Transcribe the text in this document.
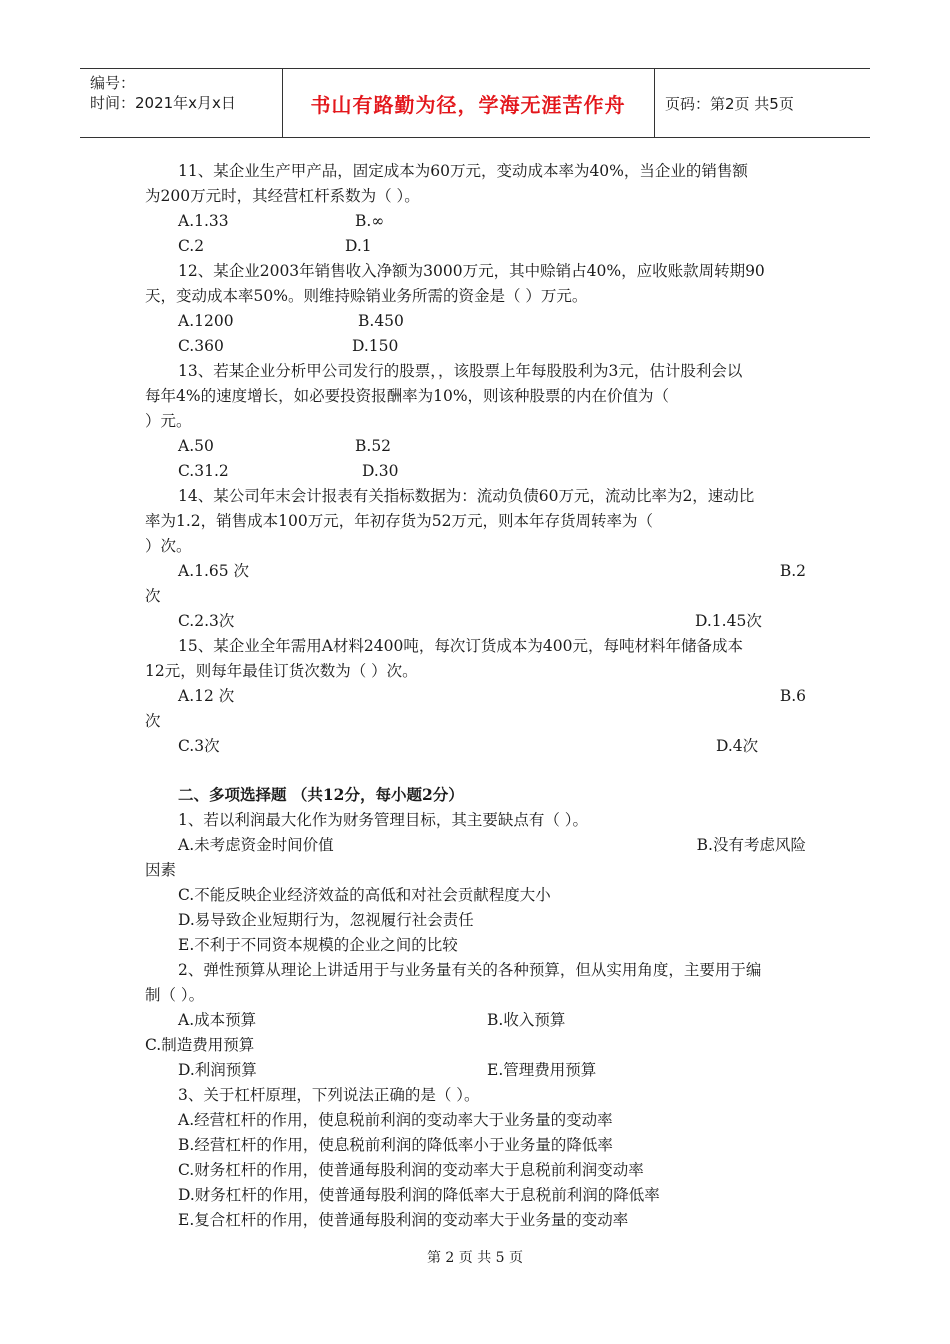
编号：
时间：2021年x月x日	书山有路勤为径，学海无涯苦作舟	页码：第2页 共5页
11、某企业生产甲产品，固定成本为60万元，变动成本率为40%，当企业的销售额
为200万元时，其经营杠杆系数为（ ）。
A.1.33	B.∞
C.2	D.1
12、某企业2003年销售收入净额为3000万元，其中赊销占40%，应收账款周转期90
天，变动成本率50%。则维持赊销业务所需的资金是（ ）万元。
A.1200	B.450
C.360	D.150
13、若某企业分析甲公司发行的股票，，该股票上年每股股利为3元，估计股利会以
每年4%的速度增长，如必要投资报酬率为10%，则该种股票的内在价值为（
）元。
A.50	B.52
C.31.2	D.30
14、某公司年末会计报表有关指标数据为：流动负债60万元，流动比率为2，速动比
率为1.2，销售成本100万元，年初存货为52万元，则本年存货周转率为（
）次。
A.1.65 次	B.2
次
C.2.3次	D.1.45次
15、某企业全年需用A材料2400吨，每次订货成本为400元，每吨材料年储备成本
12元，则每年最佳订货次数为（ ）次。
A.12 次	B.6
次
C.3次	D.4次
二、多项选择题 （共12分，每小题2分）
1、若以利润最大化作为财务管理目标，其主要缺点有（ ）。
A.未考虑资金时间价值	B.没有考虑风险
因素
C.不能反映企业经济效益的高低和对社会贡献程度大小
D.易导致企业短期行为，忽视履行社会责任
E.不利于不同资本规模的企业之间的比较
2、弹性预算从理论上讲适用于与业务量有关的各种预算，但从实用角度，主要用于编
制（ ）。
A.成本预算	B.收入预算
C.制造费用预算
D.利润预算	E.管理费用预算
3、关于杠杆原理，下列说法正确的是（ ）。
A.经营杠杆的作用，使息税前利润的变动率大于业务量的变动率
B.经营杠杆的作用，使息税前利润的降低率小于业务量的降低率
C.财务杠杆的作用，使普通每股利润的变动率大于息税前利润变动率
D.财务杠杆的作用，使普通每股利润的降低率大于息税前利润的降低率
E.复合杠杆的作用，使普通每股利润的变动率大于业务量的变动率
第 2 页 共 5 页
